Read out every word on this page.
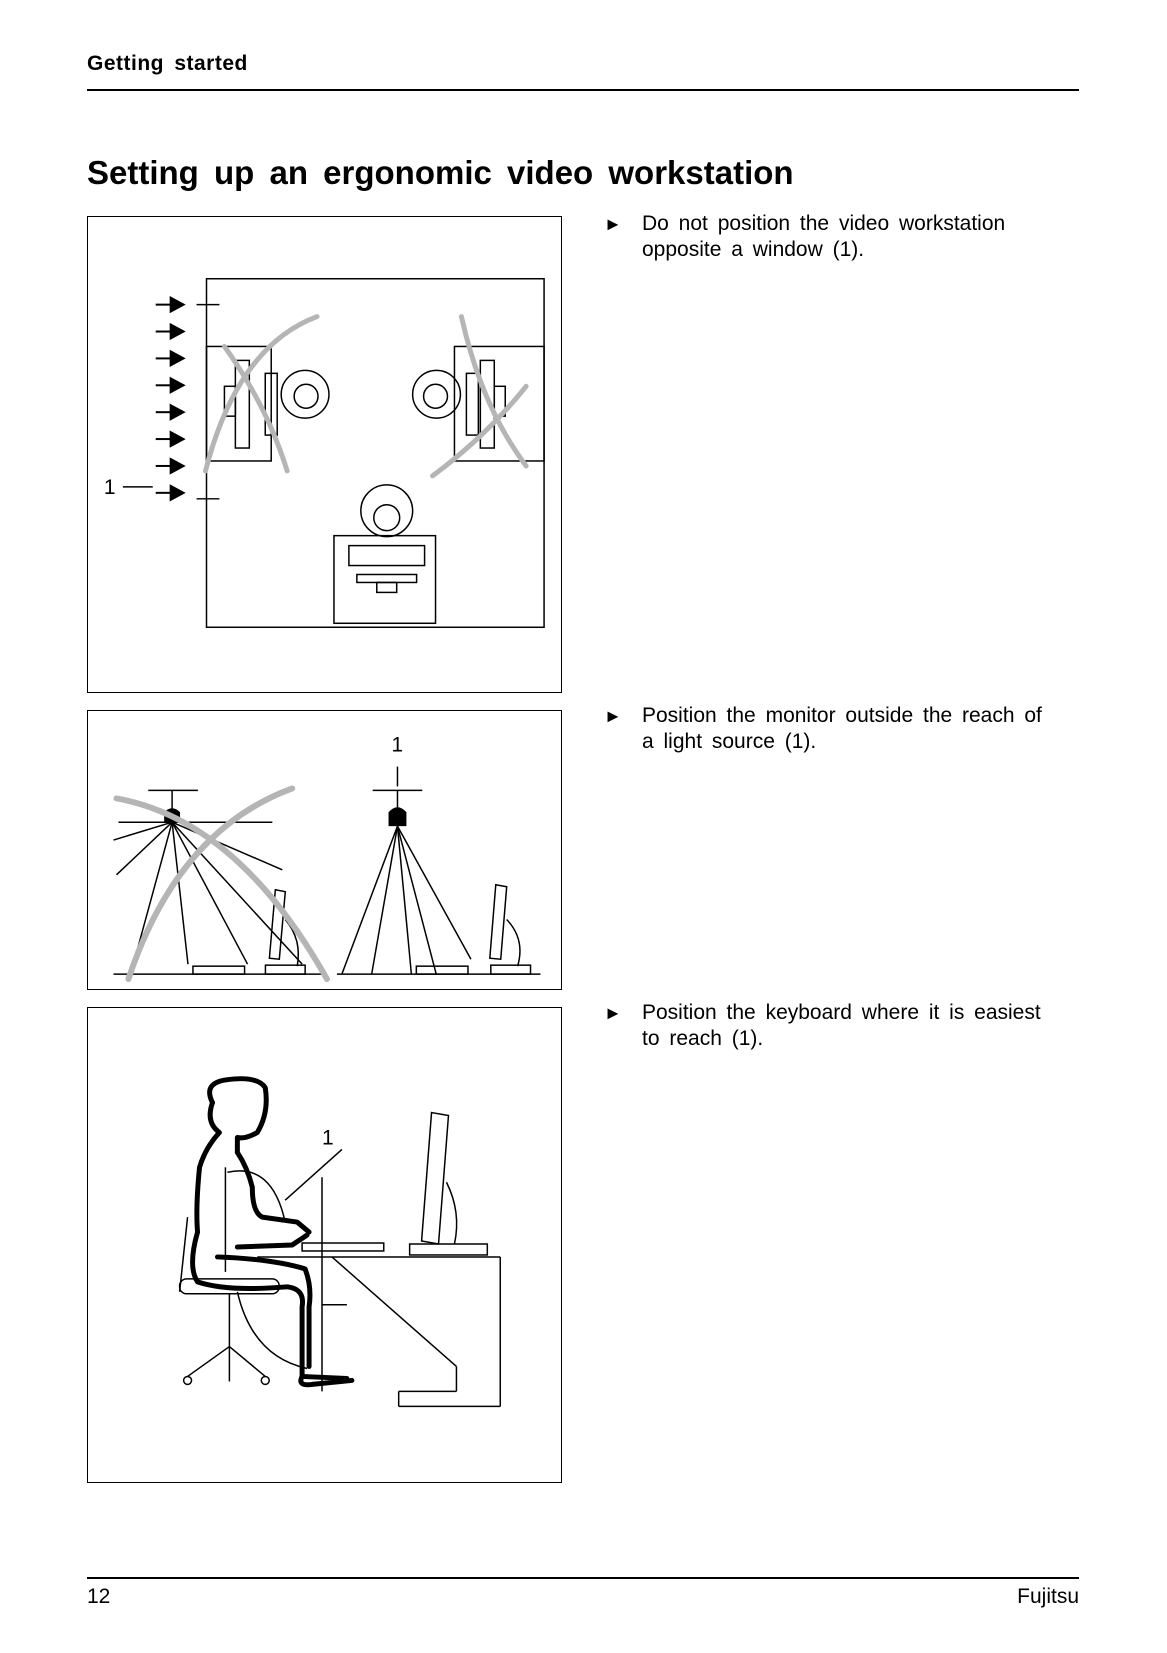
Getting started
Setting up an ergonomic video workstation
1
1
1
► Do not position the video workstation opposite a window (1).
► Position the monitor outside the reach of a light source (1).
► Position the keyboard where it is easiest to reach (1).
12	Fujitsu
